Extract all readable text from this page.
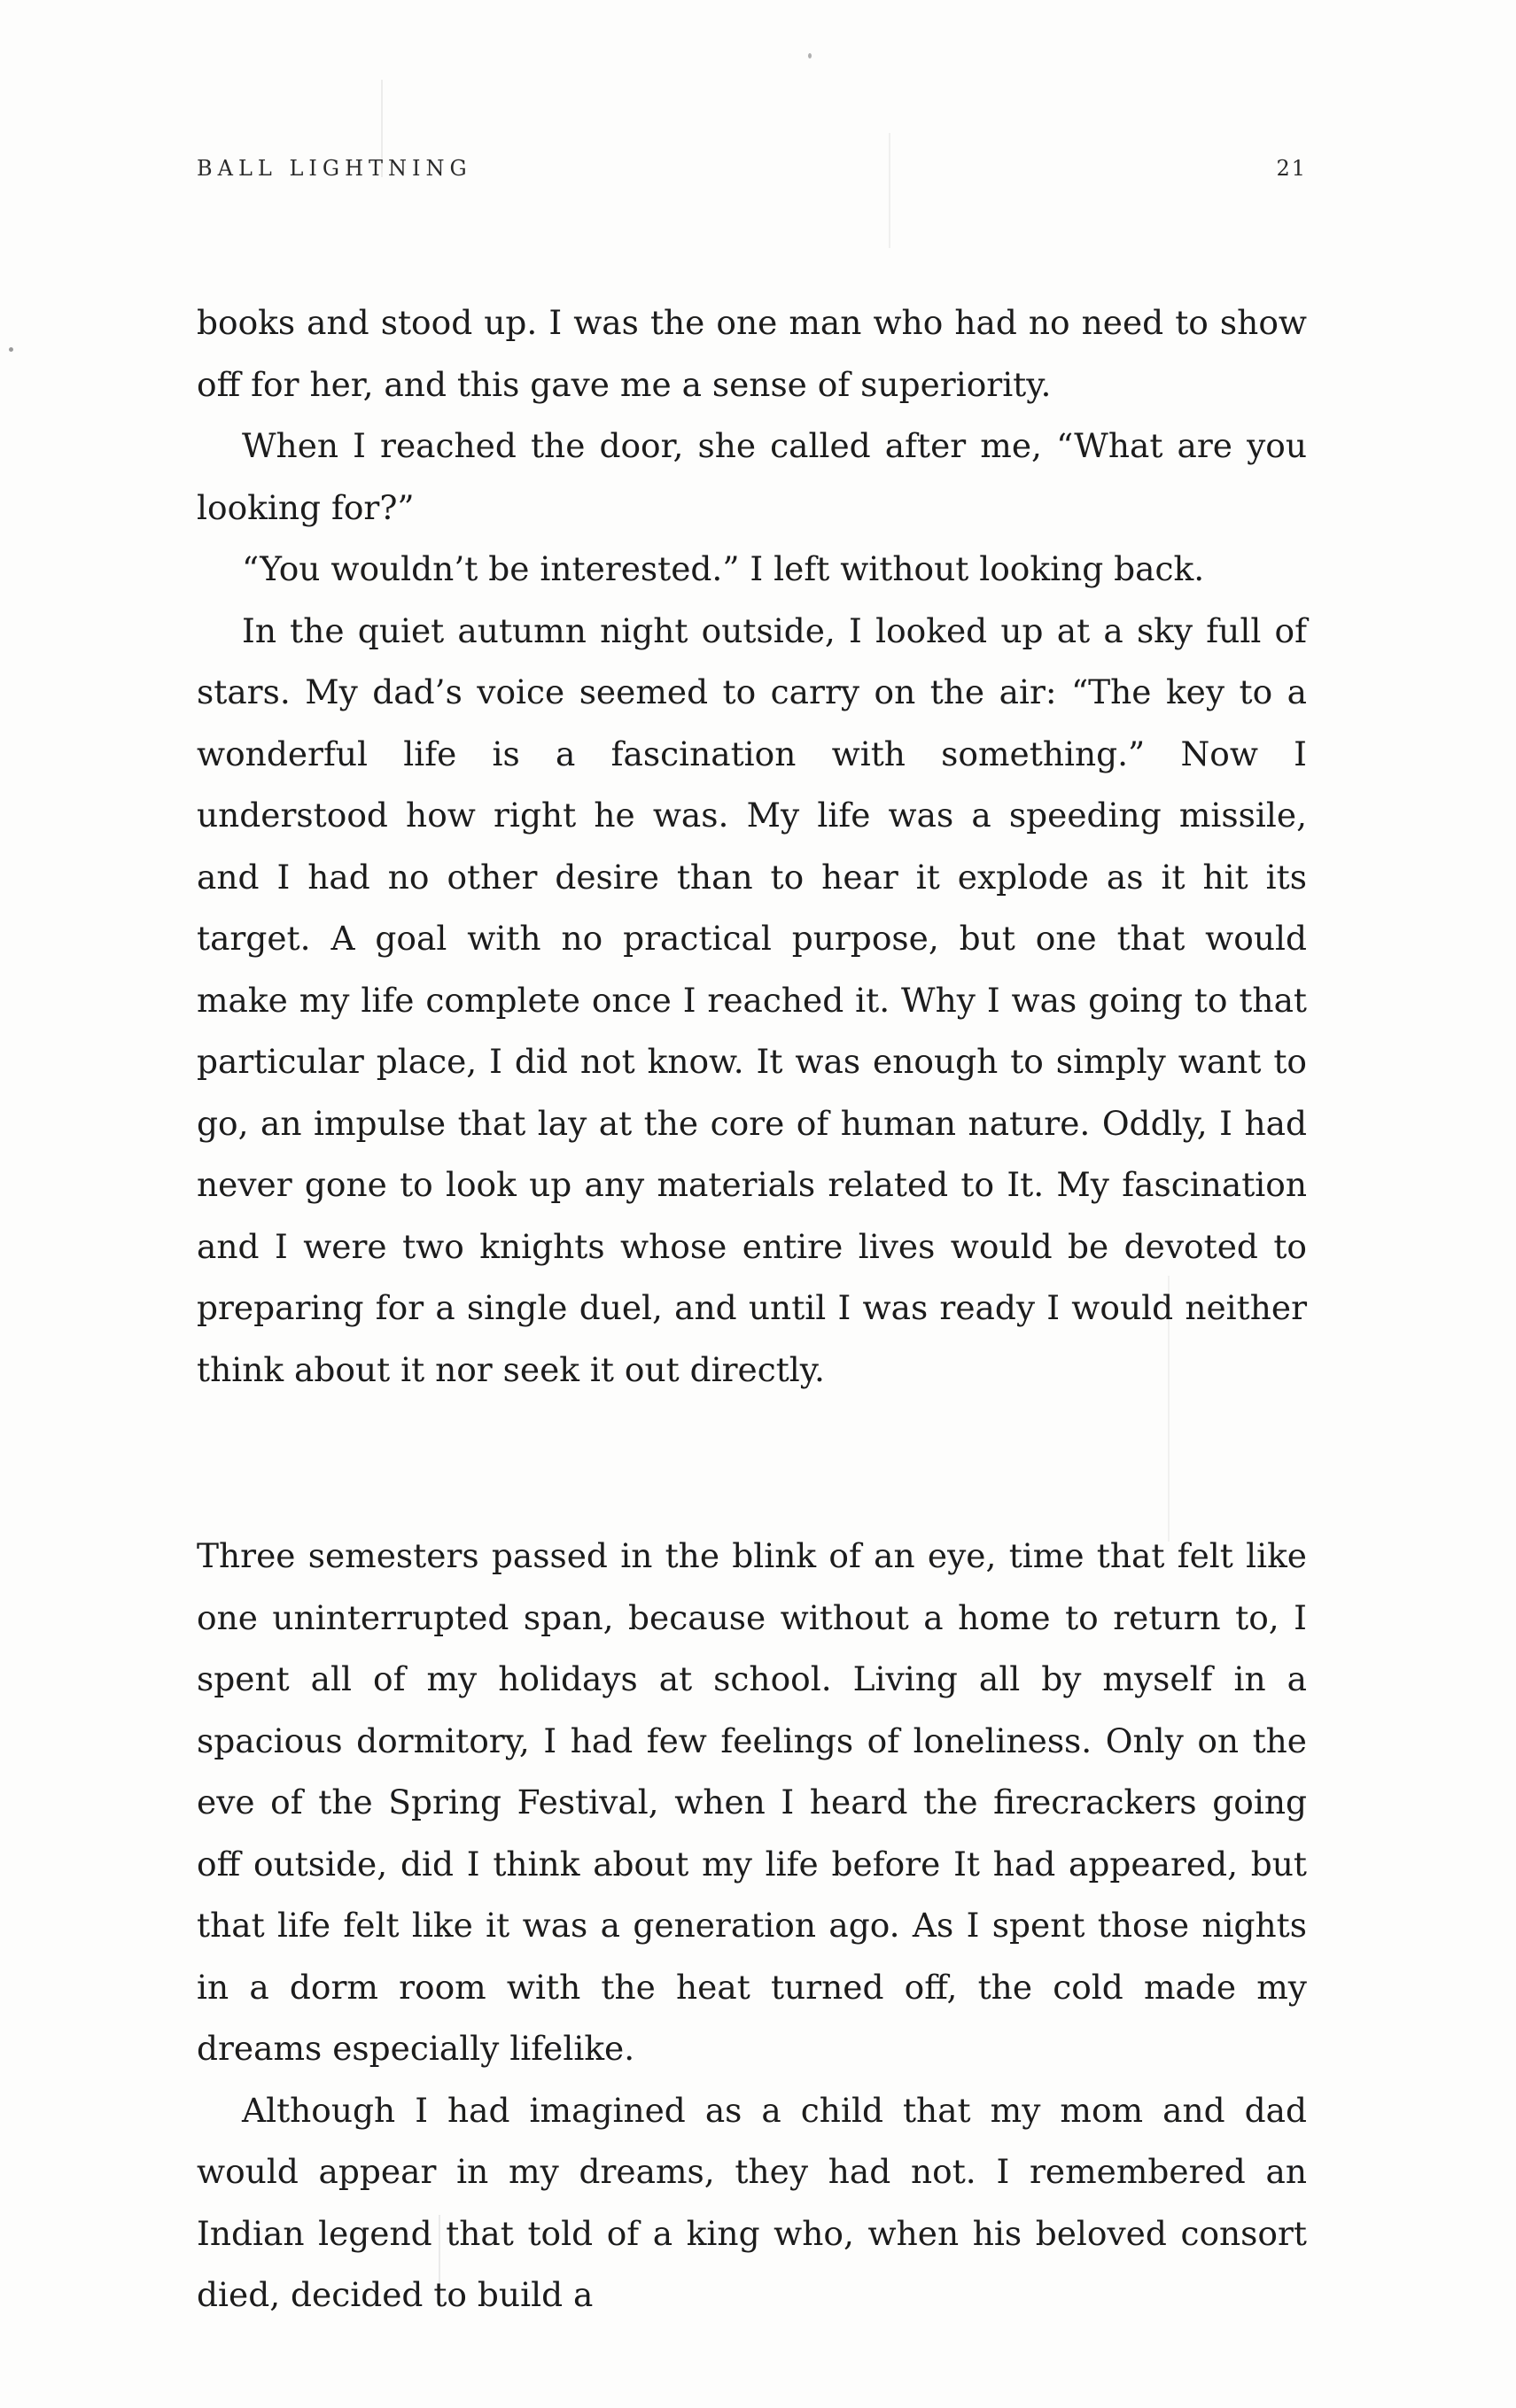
BALL LIGHTNING	21

books and stood up. I was the one man who had no need to show off for her, and this gave me a sense of superiority.

When I reached the door, she called after me, “What are you looking for?”

“You wouldn’t be interested.” I left without looking back.

In the quiet autumn night outside, I looked up at a sky full of stars. My dad’s voice seemed to carry on the air: “The key to a wonderful life is a fascination with something.” Now I understood how right he was. My life was a speeding missile, and I had no other desire than to hear it explode as it hit its target. A goal with no practical purpose, but one that would make my life complete once I reached it. Why I was going to that particular place, I did not know. It was enough to simply want to go, an impulse that lay at the core of human nature. Oddly, I had never gone to look up any materials related to It. My fascination and I were two knights whose entire lives would be devoted to preparing for a single duel, and until I was ready I would neither think about it nor seek it out directly.

Three semesters passed in the blink of an eye, time that felt like one uninterrupted span, because without a home to return to, I spent all of my holidays at school. Living all by myself in a spacious dormitory, I had few feelings of loneliness. Only on the eve of the Spring Festival, when I heard the firecrackers going off outside, did I think about my life before It had appeared, but that life felt like it was a generation ago. As I spent those nights in a dorm room with the heat turned off, the cold made my dreams especially lifelike.

Although I had imagined as a child that my mom and dad would appear in my dreams, they had not. I remembered an Indian legend that told of a king who, when his beloved consort died, decided to build a
